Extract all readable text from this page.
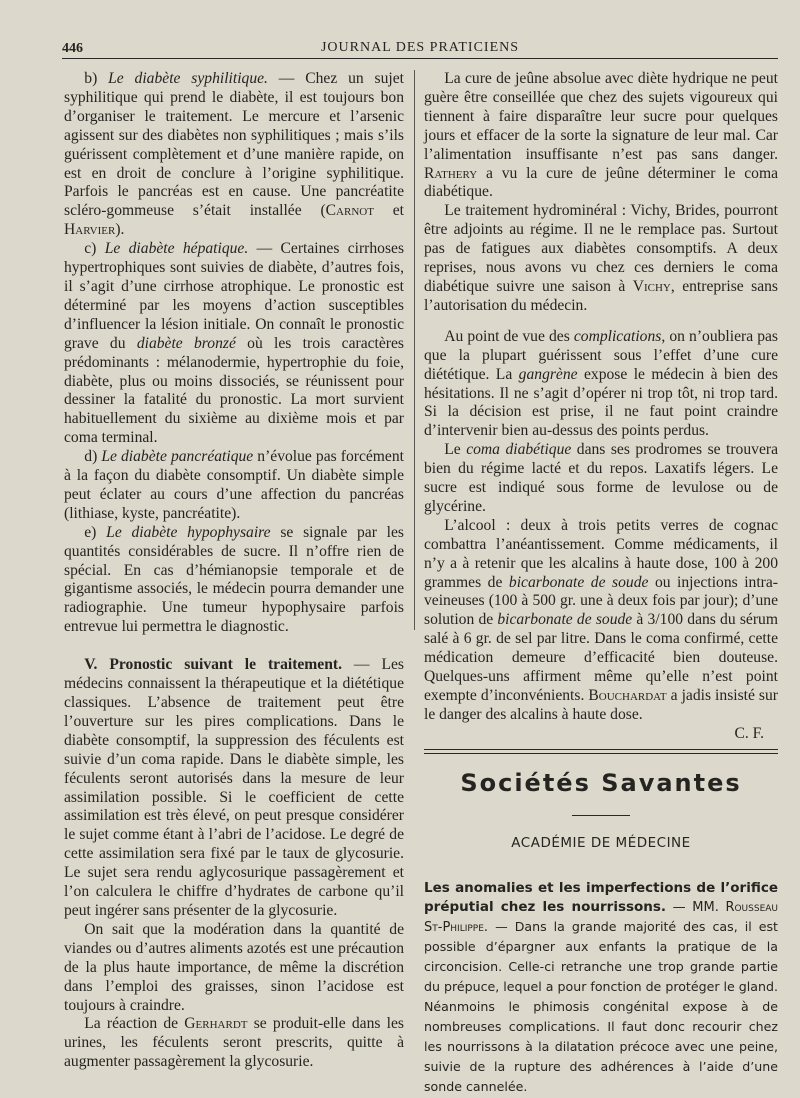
446	JOURNAL DES PRATICIENS

b) Le diabète syphilitique. — Chez un sujet syphilitique qui prend le diabète, il est toujours bon d’organiser le traitement. Le mercure et l’arsenic agissent sur des diabètes non syphilitiques ; mais s’ils guérissent complètement et d’une manière rapide, on est en droit de conclure à l’origine syphilitique. Parfois le pancréas est en cause. Une pancréatite scléro-gommeuse s’était installée (Carnot et Harvier).

c) Le diabète hépatique. — Certaines cirrhoses hypertrophiques sont suivies de diabète, d’autres fois, il s’agit d’une cirrhose atrophique. Le pronostic est déterminé par les moyens d’action susceptibles d’influencer la lésion initiale. On connaît le pronostic grave du diabète bronzé où les trois caractères prédominants : mélanodermie, hypertrophie du foie, diabète, plus ou moins dissociés, se réunissent pour dessiner la fatalité du pronostic. La mort survient habituellement du sixième au dixième mois et par coma terminal.

d) Le diabète pancréatique n’évolue pas forcément à la façon du diabète consomptif. Un diabète simple peut éclater au cours d’une affection du pancréas (lithiase, kyste, pancréatite).

e) Le diabète hypophysaire se signale par les quantités considérables de sucre. Il n’offre rien de spécial. En cas d’hémianopsie temporale et de gigantisme associés, le médecin pourra demander une radiographie. Une tumeur hypophysaire parfois entrevue lui permettra le diagnostic.

V. Pronostic suivant le traitement. — Les médecins connaissent la thérapeutique et la diététique classiques. L’absence de traitement peut être l’ouverture sur les pires complications. Dans le diabète consomptif, la suppression des féculents est suivie d’un coma rapide. Dans le diabète simple, les féculents seront autorisés dans la mesure de leur assimilation possible. Si le coefficient de cette assimilation est très élevé, on peut presque considérer le sujet comme étant à l’abri de l’acidose. Le degré de cette assimilation sera fixé par le taux de glycosurie. Le sujet sera rendu aglycosurique passagèrement et l’on calculera le chiffre d’hydrates de carbone qu’il peut ingérer sans présenter de la glycosurie.

On sait que la modération dans la quantité de viandes ou d’autres aliments azotés est une précaution de la plus haute importance, de même la discrétion dans l’emploi des graisses, sinon l’acidose est toujours à craindre.

La réaction de Gerhardt se produit-elle dans les urines, les féculents seront prescrits, quitte à augmenter passagèrement la glycosurie.

La cure de jeûne absolue avec diète hydrique ne peut guère être conseillée que chez des sujets vigoureux qui tiennent à faire disparaître leur sucre pour quelques jours et effacer de la sorte la signature de leur mal. Car l’alimentation insuffisante n’est pas sans danger. Rathery a vu la cure de jeûne déterminer le coma diabétique.

Le traitement hydrominéral : Vichy, Brides, pourront être adjoints au régime. Il ne le remplace pas. Surtout pas de fatigues aux diabètes consomptifs. A deux reprises, nous avons vu chez ces derniers le coma diabétique suivre une saison à Vichy, entreprise sans l’autorisation du médecin.

Au point de vue des complications, on n’oubliera pas que la plupart guérissent sous l’effet d’une cure diététique. La gangrène expose le médecin à bien des hésitations. Il ne s’agit d’opérer ni trop tôt, ni trop tard. Si la décision est prise, il ne faut point craindre d’intervenir bien au-dessus des points perdus.

Le coma diabétique dans ses prodromes se trouvera bien du régime lacté et du repos. Laxatifs légers. Le sucre est indiqué sous forme de levulose ou de glycérine.

L’alcool : deux à trois petits verres de cognac combattra l’anéantissement. Comme médicaments, il n’y a à retenir que les alcalins à haute dose, 100 à 200 grammes de bicarbonate de soude ou injections intra-veineuses (100 à 500 gr. une à deux fois par jour); d’une solution de bicarbonate de soude à 3/100 dans du sérum salé à 6 gr. de sel par litre. Dans le coma confirmé, cette médication demeure d’efficacité bien douteuse. Quelques-uns affirment même qu’elle n’est point exempte d’inconvénients. Bouchardat a jadis insisté sur le danger des alcalins à haute dose.

C. F.
Sociétés Savantes
ACADÉMIE DE MÉDECINE

Les anomalies et les imperfections de l’orifice préputial chez les nourrissons. — MM. Rousseau St-Philippe. — Dans la grande majorité des cas, il est possible d’épargner aux enfants la pratique de la circoncision. Celle-ci retranche une trop grande partie du prépuce, lequel a pour fonction de protéger le gland. Néanmoins le phimosis congénital expose à de nombreuses complications. Il faut donc recourir chez les nourrissons à la dilatation précoce avec une peine, suivie de la rupture des adhérences à l’aide d’une sonde cannelée.
